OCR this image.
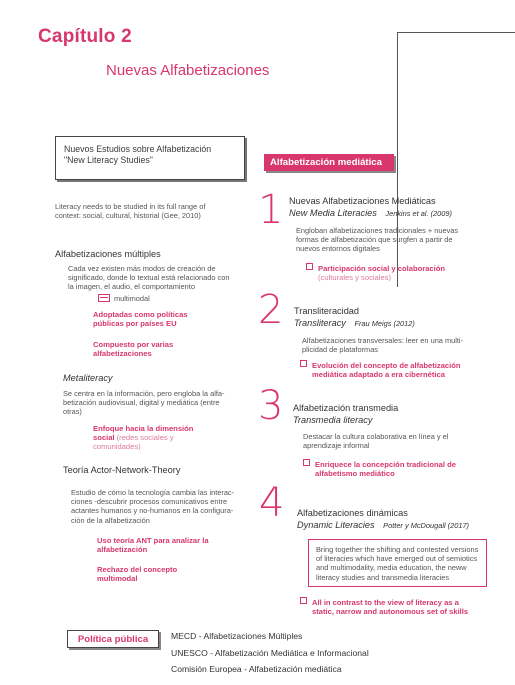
Capítulo 2
Nuevas Alfabetizaciones
Nuevos Estudios sobre Alfabetización
"New Literacy Studies"	Alfabetización mediática
Literacy needs to be studied in its full range of
context: social, cultural, historial (Gee, 2010)
Alfabetizaciones múltiples
Cada vez existen más modos de creación de
significado, donde lo textual está relacionado con
la imagen, el audio, el comportamiento
multimodal
Adoptadas como políticas
públicas por países EU
Compuesto por varias
alfabetizaciones
Metaliteracy
Se centra en la información, pero engloba la alfa-
betización audiovisual, digital y mediática (entre
otras)
Enfoque hacia la dimensión
social (redes sociales y
comunidades)
Teoría Actor-Network-Theory
Estudio de cómo la tecnología cambia las interac-
ciones -descubrir procesos comunicativos entre
actantes humanos y no-humanos en la configura-
ción de la alfabetización
Uso teoría ANT para analizar la
alfabetización
Rechazo del concepto
multimodal
1 Nuevas Alfabetizaciones Mediáticas
New Media Literacies Jenkins et al. (2009)
Engloban alfabetizaciones tradicionales + nuevas
formas de alfabetización que surgfen a partir de
nuevos entornos digitales
Participación social y colaboración
(culturales y sociales)
2 Transliteracidad
Transliteracy Frau Meigs (2012)
Alfabetizaciones transversales: leer en una multi-
plicidad de plataformas
Evolución del concepto de alfabetización
mediática adaptado a era cibernética
3 Alfabetización transmedia
Transmedia literacy
Destacar la cultura colaborativa en línea y el
aprendizaje informal
Enriquece la concepción tradicional de
alfabetismo mediático
4 Alfabetizaciones dinámicas
Dynamic Literacies Potter y McDougall (2017)
Bring together the shifting and contested versions
of literacies which have emerged out of semiotics
and multimodality, media education, the neww
literacy studies and transmedia literacies
All in contrast to the view of literacy as a
static, narrow and autonomous set of skills
Política pública	MECD - Alfabetizaciones Múltiples
UNESCO - Alfabetización Mediática e Informacional
Comisión Europea - Alfabetización mediática
